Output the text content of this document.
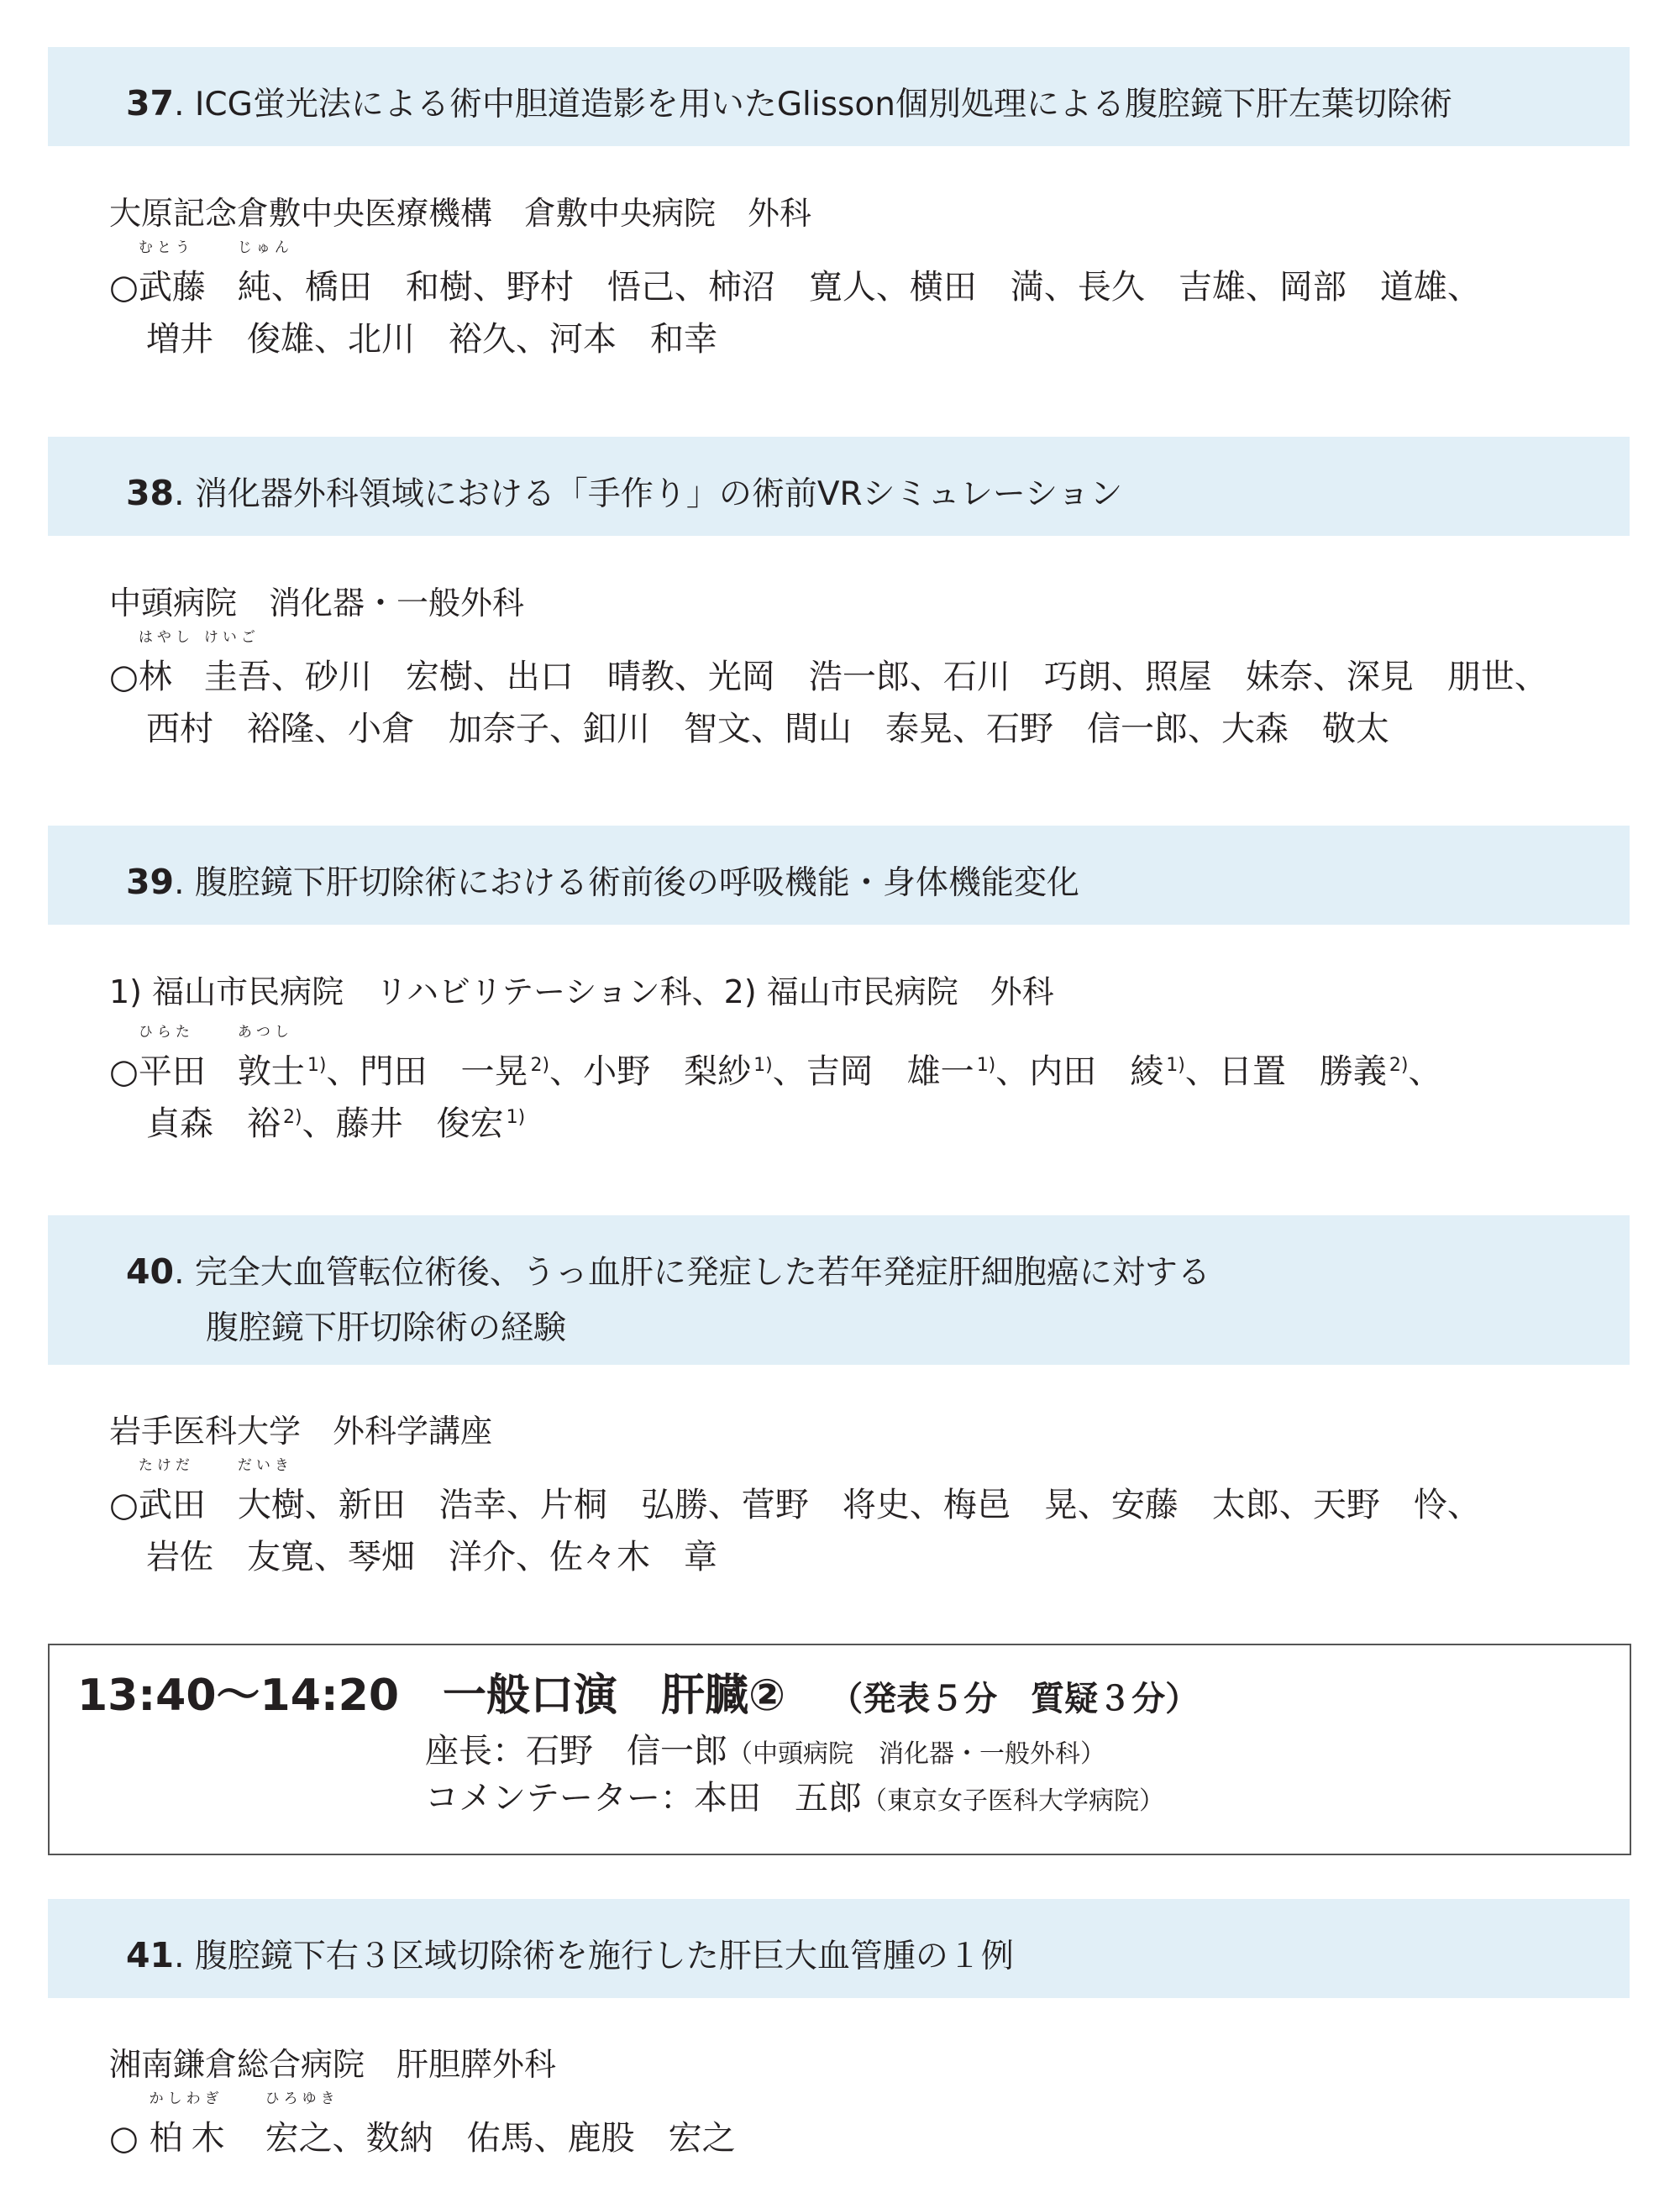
37. ICG蛍光法による術中胆道造影を用いたGlisson個別処理による腹腔鏡下肝左葉切除術
大原記念倉敷中央医療機構　倉敷中央病院　外科
○
むとう
武藤
じゅん
純、橋田　和樹、野村　悟己、柿沼　寛人、横田　満、長久　吉雄、岡部　道雄、
増井　俊雄、北川　裕久、河本　和幸
38. 消化器外科領域における「手作り」の術前VRシミュレーション
中頭病院　消化器・一般外科
○
はやし
林
けいご
圭吾、砂川　宏樹、出口　晴教、光岡　浩一郎、石川　巧朗、照屋　妹奈、深見　朋世、
西村　裕隆、小倉　加奈子、釦川　智文、間山　泰晃、石野　信一郎、大森　敬太
39. 腹腔鏡下肝切除術における術前後の呼吸機能・身体機能変化
1) 福山市民病院　リハビリテーション科、2) 福山市民病院　外科
○
ひらた
平田
あつし
敦士 $^{1)}$、門田　一晃 $^{2)}$、小野　梨紗 $^{1)}$、吉岡　雄一 $^{1)}$、内田　綾 $^{1)}$、日置　勝義 $^{2)}$、
貞森　裕 $^{2)}$、藤井　俊宏 $^{1)}$
40. 完全大血管転位術後、うっ血肝に発症した若年発症肝細胞癌に対する
腹腔鏡下肝切除術の経験
岩手医科大学　外科学講座
○
たけだ
武田
だいき
大樹、新田　浩幸、片桐　弘勝、菅野　将史、梅邑　晃、安藤　太郎、天野　怜、
岩佐　友寛、琴畑　洋介、佐々木　章
13:40〜14:20 一般口演　肝臓② （発表５分　質疑３分）
座長：石野　信一郎（中頭病院　消化器・一般外科）
コメンテーター：本田　五郎（東京女子医科大学病院）
41. 腹腔鏡下右３区域切除術を施行した肝巨大血管腫の１例
湘南鎌倉総合病院　肝胆膵外科
○
かしわぎ
柏木
ひろゆき
宏之、数納　佑馬、鹿股　宏之
